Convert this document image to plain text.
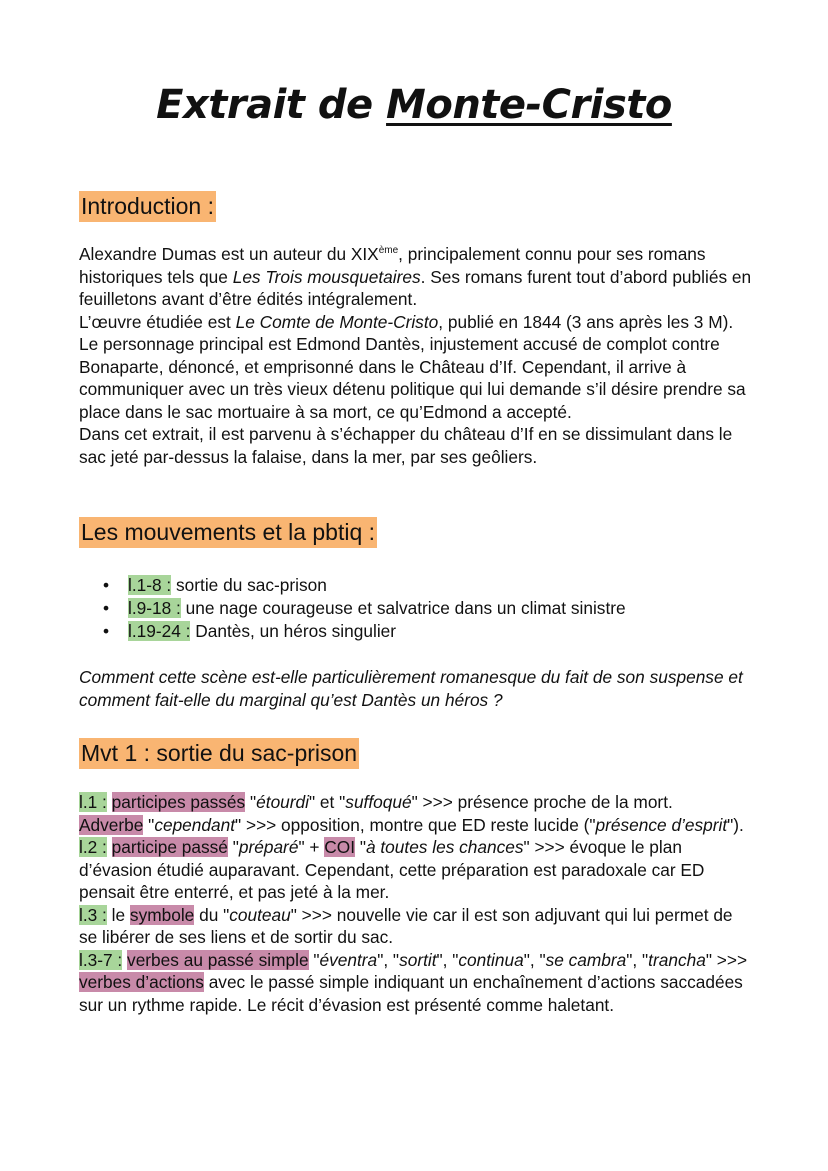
Extrait de Monte-Cristo
Introduction :

Alexandre Dumas est un auteur du XIXème, principalement connu pour ses romans historiques tels que Les Trois mousquetaires. Ses romans furent tout d’abord publiés en feuilletons avant d’être édités intégralement.

L’œuvre étudiée est Le Comte de Monte-Cristo, publié en 1844 (3 ans après les 3 M). Le personnage principal est Edmond Dantès, injustement accusé de complot contre Bonaparte, dénoncé, et emprisonné dans le Château d’If. Cependant, il arrive à communiquer avec un très vieux détenu politique qui lui demande s’il désire prendre sa place dans le sac mortuaire à sa mort, ce qu’Edmond a accepté.

Dans cet extrait, il est parvenu à s’échapper du château d’If en se dissimulant dans le sac jeté par-dessus la falaise, dans la mer, par ses geôliers.

Les mouvements et la pbtiq :
• l.1-8 : sortie du sac-prison
• l.9-18 : une nage courageuse et salvatrice dans un climat sinistre
• l.19-24 : Dantès, un héros singulier

Comment cette scène est-elle particulièrement romanesque du fait de son suspense et comment fait-elle du marginal qu’est Dantès un héros ?

Mvt 1 : sortie du sac-prison

l.1 : participes passés "étourdi" et "suffoqué" >>> présence proche de la mort.

Adverbe "cependant" >>> opposition, montre que ED reste lucide ("présence d’esprit").

l.2 : participe passé "préparé" + COI "à toutes les chances" >>> évoque le plan d’évasion étudié auparavant. Cependant, cette préparation est paradoxale car ED pensait être enterré, et pas jeté à la mer.

l.3 : le symbole du "couteau" >>> nouvelle vie car il est son adjuvant qui lui permet de se libérer de ses liens et de sortir du sac.

l.3-7 : verbes au passé simple "éventra", "sortit", "continua", "se cambra", "trancha" >>> verbes d’actions avec le passé simple indiquant un enchaînement d’actions saccadées sur un rythme rapide. Le récit d’évasion est présenté comme haletant.
